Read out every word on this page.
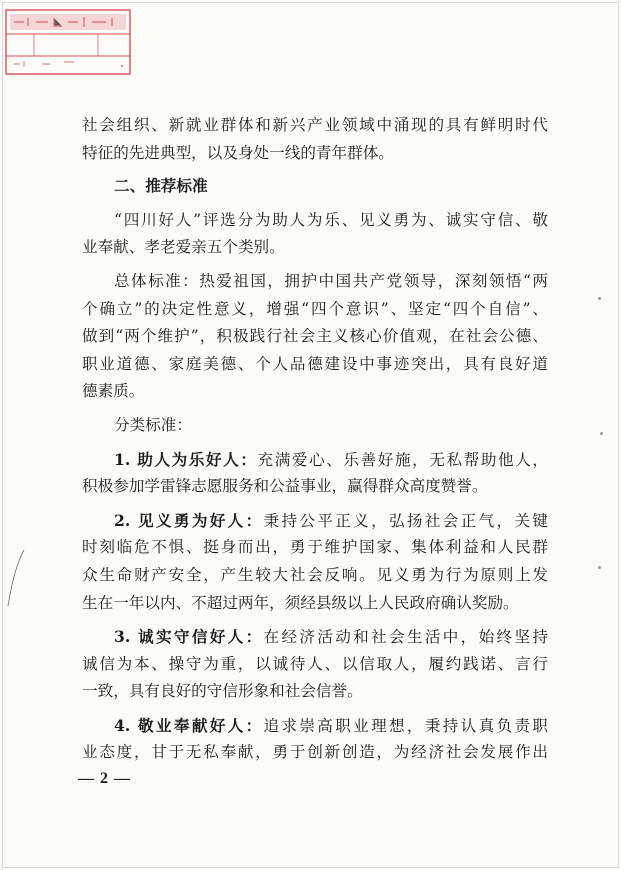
社会组织、新就业群体和新兴产业领域中涌现的具有鲜明时代
特征的先进典型，以及身处一线的青年群体。
二、推荐标准
“四川好人”评选分为助人为乐、见义勇为、诚实守信、敬
业奉献、孝老爱亲五个类别。
总体标准：热爱祖国，拥护中国共产党领导，深刻领悟“两
个确立”的决定性意义，增强“四个意识”、坚定“四个自信”、
做到“两个维护”，积极践行社会主义核心价值观，在社会公德、
职业道德、家庭美德、个人品德建设中事迹突出，具有良好道
德素质。
分类标准：
1. 助人为乐好人：充满爱心、乐善好施，无私帮助他人，
积极参加学雷锋志愿服务和公益事业，赢得群众高度赞誉。
2. 见义勇为好人：秉持公平正义，弘扬社会正气，关键
时刻临危不惧、挺身而出，勇于维护国家、集体利益和人民群
众生命财产安全，产生较大社会反响。见义勇为行为原则上发
生在一年以内、不超过两年，须经县级以上人民政府确认奖励。
3. 诚实守信好人：在经济活动和社会生活中，始终坚持
诚信为本、操守为重，以诚待人、以信取人，履约践诺、言行
一致，具有良好的守信形象和社会信誉。
4. 敬业奉献好人：追求崇高职业理想，秉持认真负责职
业态度，甘于无私奉献，勇于创新创造，为经济社会发展作出
— 2 —
